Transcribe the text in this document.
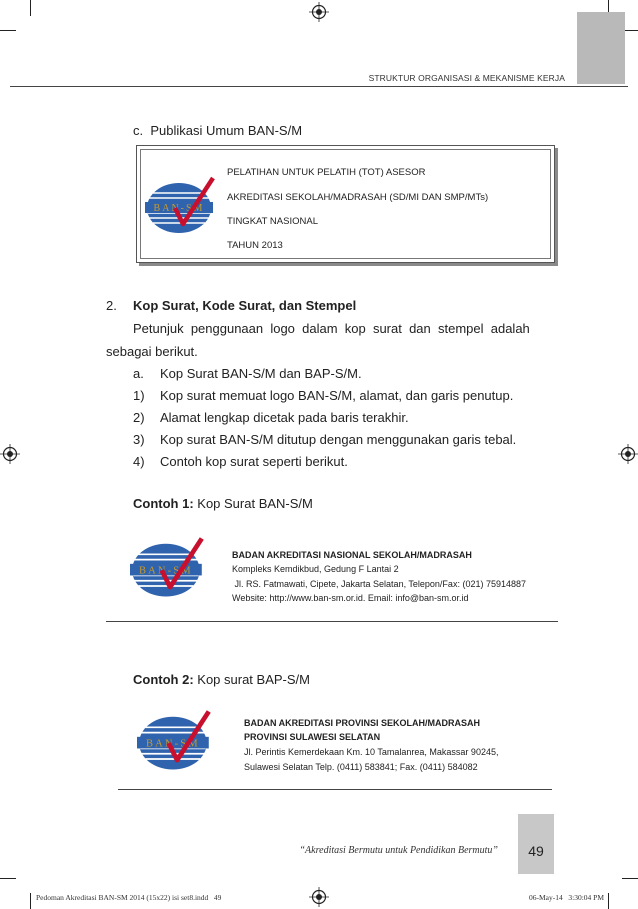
STRUKTUR ORGANISASI & MEKANISME KERJA
c.  Publikasi Umum BAN-S/M
BAN-SM
PELATIHAN UNTUK PELATIH (TOT) ASESOR
AKREDITASI SEKOLAH/MADRASAH (SD/MI DAN SMP/MTs)
TINGKAT NASIONAL
TAHUN 2013
2. Kop Surat, Kode Surat, dan Stempel
Petunjuk  penggunaan  logo  dalam  kop  surat  dan  stempel  adalah
sebagai berikut.
a. Kop Surat BAN-S/M dan BAP-S/M.
1) Kop surat memuat logo BAN-S/M, alamat, dan garis penutup.
2) Alamat lengkap dicetak pada baris terakhir.
3) Kop surat BAN-S/M ditutup dengan menggunakan garis tebal.
4) Contoh kop surat seperti berikut.
Contoh 1: Kop Surat BAN-S/M
BAN-SM
BADAN AKREDITASI NASIONAL SEKOLAH/MADRASAH
Kompleks Kemdikbud, Gedung F Lantai 2
Jl. RS. Fatmawati, Cipete, Jakarta Selatan, Telepon/Fax: (021) 75914887
Website: http://www.ban-sm.or.id. Email: info@ban-sm.or.id
Contoh 2: Kop surat BAP-S/M
BAN-SM
BADAN AKREDITASI PROVINSI SEKOLAH/MADRASAH
PROVINSI SULAWESI SELATAN
Jl. Perintis Kemerdekaan Km. 10 Tamalanrea, Makassar 90245,
Sulawesi Selatan Telp. (0411) 583841; Fax. (0411) 584082
“Akreditasi Bermutu untuk Pendidikan Bermutu”	49
Pedoman Akreditasi BAN-SM 2014 (15x22) isi set8.indd   49	06-May-14   3:30:04 PM
